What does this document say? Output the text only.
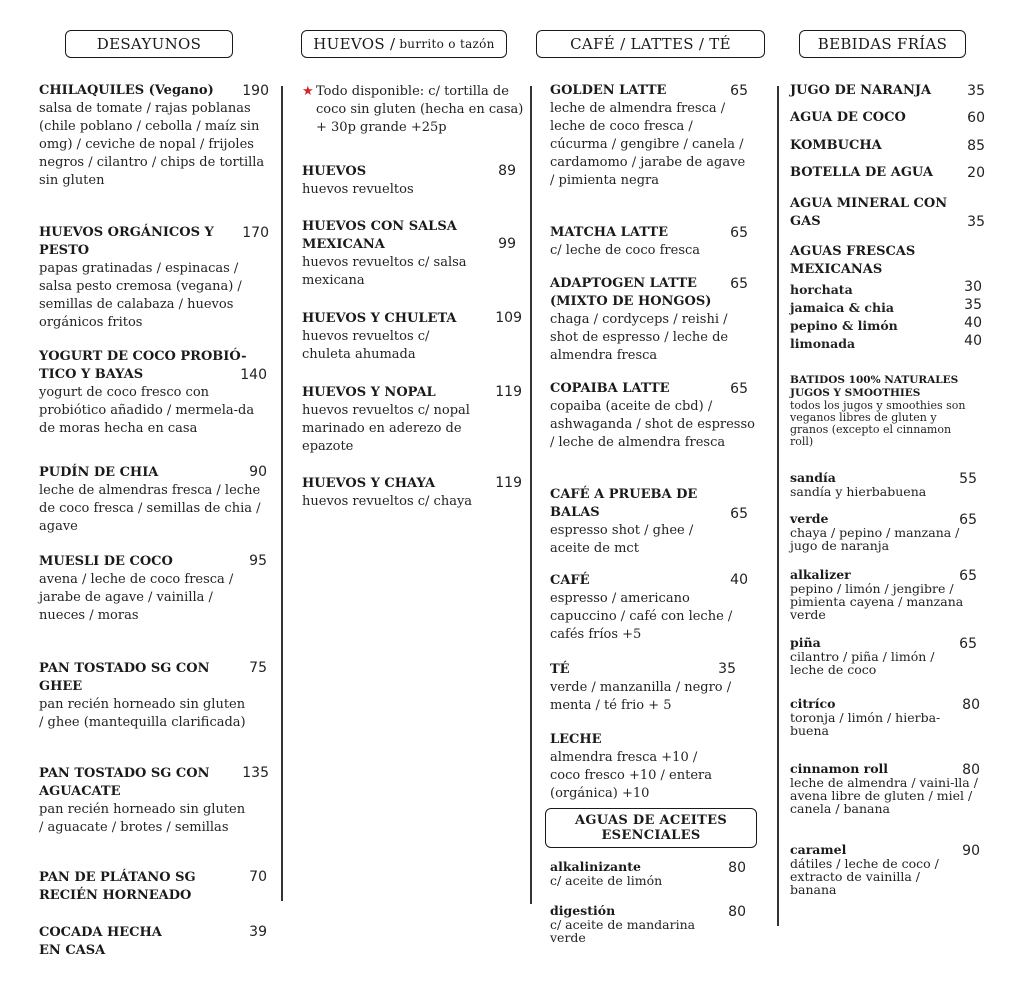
DESAYUNOS	HUEVOS / burrito o tazón	CAFÉ / LATTES / TÉ	BEBIDAS FRÍAS
CHILAQUILES (Vegano)	190
salsa de tomate / rajas poblanas (chile poblano / cebolla / maíz sin omg) / ceviche de nopal / frijoles negros / cilantro / chips de tortilla sin gluten
HUEVOS ORGÁNICOS Y PESTO
170
papas gratinadas / espinacas / salsa pesto cremosa (vegana) / semillas de calabaza / huevos orgánicos fritos
YOGURT DE COCO PROBIÓ-TICO Y BAYAS	140
yogurt de coco fresco con probiótico añadido / mermela-da de moras hecha en casa
PUDÍN DE CHIA	90
leche de almendras fresca / leche de coco fresca / semillas de chia / agave
MUESLI DE COCO	95
avena / leche de coco fresca / jarabe de agave / vainilla / nueces / moras
PAN TOSTADO SG CON GHEE
75
pan recién horneado sin gluten / ghee (mantequilla clarificada)
PAN TOSTADO SG CON AGUACATE
135
pan recién horneado sin gluten / aguacate / brotes / semillas
PAN DE PLÁTANO SG RECIÉN HORNEADO
70
COCADA HECHA EN CASA
39
★ Todo disponible: c/ tortilla de coco sin gluten (hecha en casa) + 30p grande +25p
HUEVOS	89
huevos revueltos
HUEVOS CON SALSA MEXICANA	99
huevos revueltos c/ salsa mexicana
HUEVOS Y CHULETA	109
huevos revueltos c/ chuleta ahumada
HUEVOS Y NOPAL	119
huevos revueltos c/ nopal marinado en aderezo de epazote
HUEVOS Y CHAYA	119
huevos revueltos c/ chaya
GOLDEN LATTE	65
leche de almendra fresca / leche de coco fresca / cúcurma / gengibre / canela / cardamomo / jarabe de agave / pimienta negra
MATCHA LATTE	65
c/ leche de coco fresca
ADAPTOGEN LATTE (MIXTO DE HONGOS)
65
chaga / cordyceps / reishi / shot de espresso / leche de almendra fresca
COPAIBA LATTE	65
copaiba (aceite de cbd) / ashwaganda / shot de espresso / leche de almendra fresca
CAFÉ A PRUEBA DE BALAS	65
espresso shot / ghee / aceite de mct
CAFÉ	40
espresso / americano capuccino / café con leche / cafés fríos +5
TÉ	35
verde / manzanilla / negro / menta / té frio + 5
LECHE
almendra fresca +10 / coco fresco +10 / entera (orgánica) +10
AGUAS DE ACEITES ESENCIALES
alkalinizante	80
c/ aceite de limón
digestión	80
c/ aceite de mandarina verde
JUGO DE NARANJA	35
AGUA DE COCO	60
KOMBUCHA	85
BOTELLA DE AGUA	20
AGUA MINERAL CON GAS	35
AGUAS FRESCAS MEXICANAS
horchata	30
jamaica & chia	35
pepino & limón	40
limonada	40
BATIDOS 100% NATURALES JUGOS Y SMOOTHIES
todos los jugos y smoothies son veganos libres de gluten y granos (excepto el cinnamon roll)
sandía	55
sandía y hierbabuena
verde	65
chaya / pepino / manzana / jugo de naranja
alkalizer	65
pepino / limón / jengibre / pimienta cayena / manzana verde
piña	65
cilantro / piña / limón / leche de coco
citríco	80
toronja / limón / hierba-buena
cinnamon roll	80
leche de almendra / vaini-lla / avena libre de gluten / miel / canela / banana
caramel	90
dátiles / leche de coco / extracto de vainilla / banana
